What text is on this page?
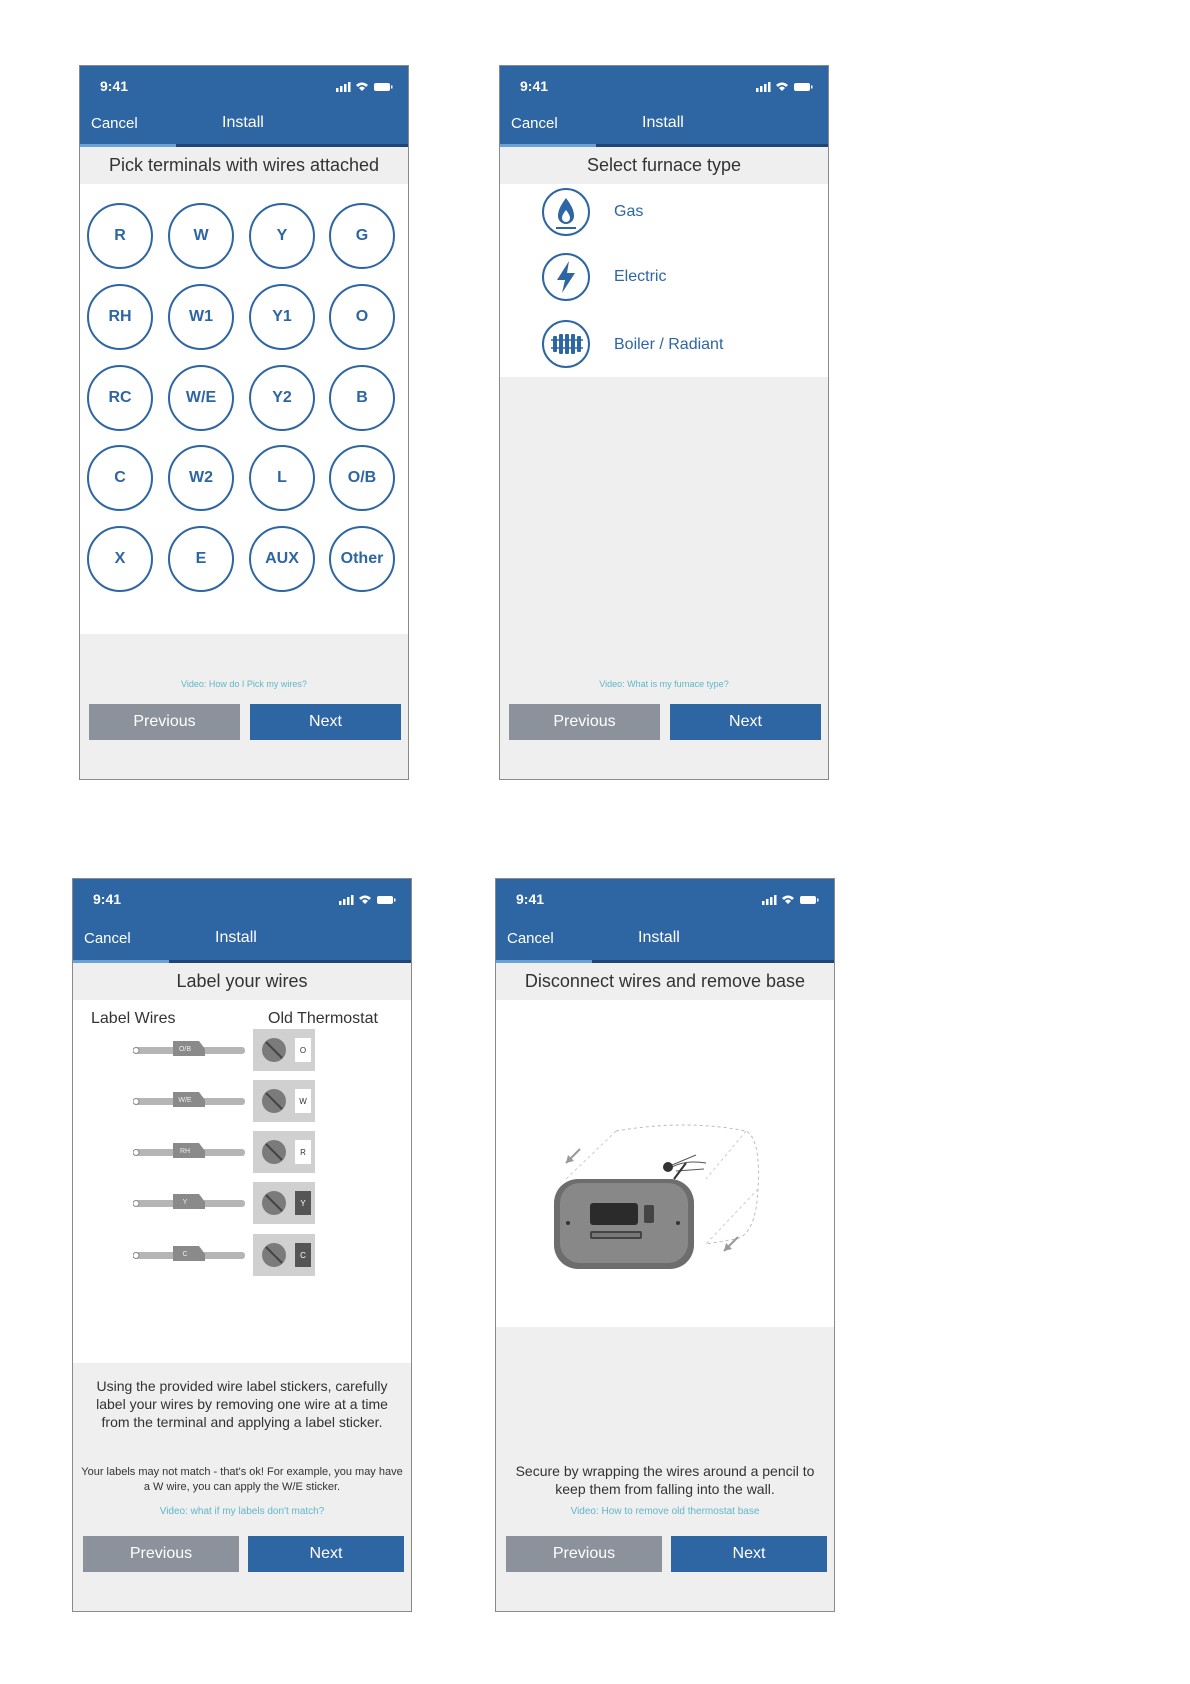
9:41
Cancel	Install
Pick terminals with wires attached
R	W	Y	G
RH	W1	Y1	O
RC	W/E	Y2	B
C	W2	L	O/B
X	E	AUX	Other
Video: How do I Pick my wires?
Previous	Next
9:41
Cancel	Install
Select furnace type
Gas
Electric
Boiler / Radiant
Video: What is my furnace type?
Previous	Next
9:41
Cancel	Install
Label your wires
Label Wires	Old Thermostat
O/B	O
W/E	W
RH	R
Y	Y
C	C
Using the provided wire label stickers, carefully label your wires by removing one wire at a time from the terminal and applying a label sticker.
Your labels may not match - that's ok! For example, you may have a W wire, you can apply the W/E sticker.
Video: what if my labels don't match?
Previous	Next
9:41
Cancel	Install
Disconnect wires and remove base
Secure by wrapping the wires around a pencil to keep them from falling into the wall.
Video: How to remove old thermostat base
Previous	Next
